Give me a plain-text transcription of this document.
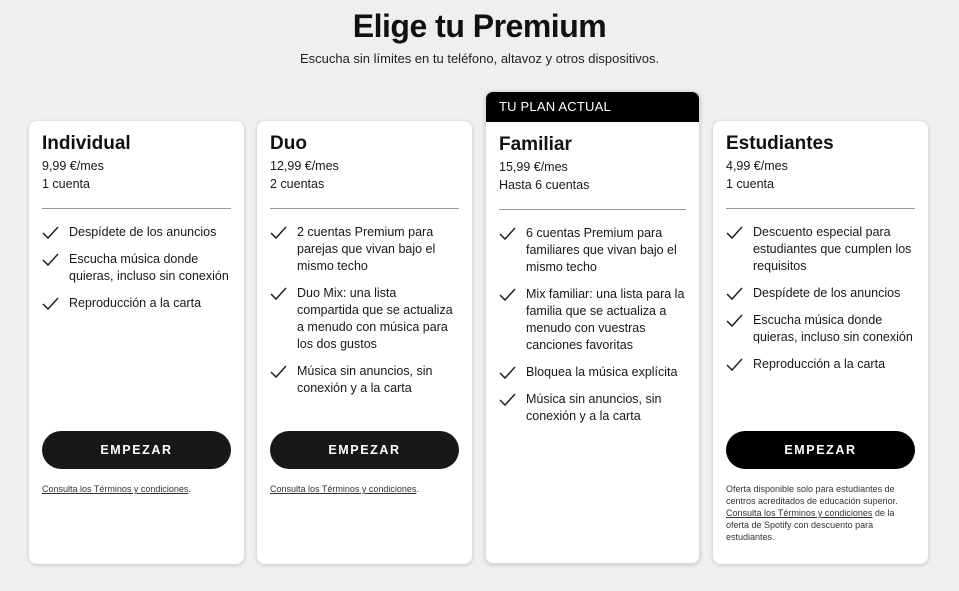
Elige tu Premium
Escucha sin límites en tu teléfono, altavoz y otros dispositivos.
Individual
9,99 €/mes
1 cuenta
Despídete de los anuncios
Escucha música donde quieras, incluso sin conexión
Reproducción a la carta
EMPEZAR
Consulta los Términos y condiciones.
Duo
12,99 €/mes
2 cuentas
2 cuentas Premium para parejas que vivan bajo el mismo techo
Duo Mix: una lista compartida que se actualiza a menudo con música para los dos gustos
Música sin anuncios, sin conexión y a la carta
EMPEZAR
Consulta los Términos y condiciones.
TU PLAN ACTUAL
Familiar
15,99 €/mes
Hasta 6 cuentas
6 cuentas Premium para familiares que vivan bajo el mismo techo
Mix familiar: una lista para la familia que se actualiza a menudo con vuestras canciones favoritas
Bloquea la música explícita
Música sin anuncios, sin conexión y a la carta
Estudiantes
4,99 €/mes
1 cuenta
Descuento especial para estudiantes que cumplen los requisitos
Despídete de los anuncios
Escucha música donde quieras, incluso sin conexión
Reproducción a la carta
EMPEZAR
Oferta disponible solo para estudiantes de centros acreditados de educación superior.
Consulta los Términos y condiciones de la oferta de Spotify con descuento para estudiantes.
